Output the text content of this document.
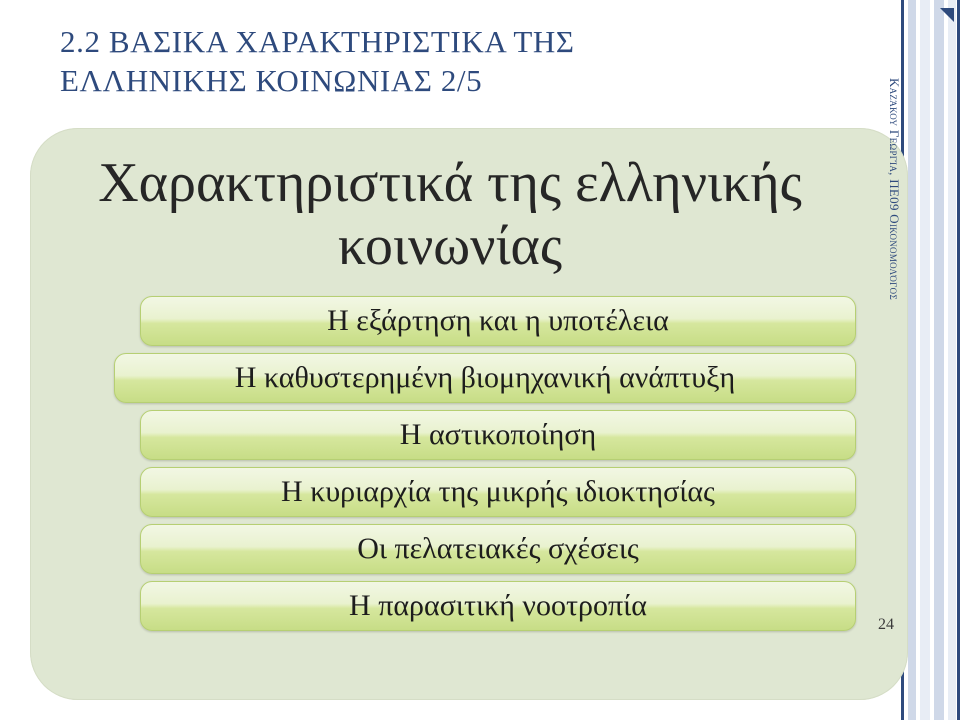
2.2 ΒΑΣΙΚΑ ΧΑΡΑΚΤΗΡΙΣΤΙΚΑ ΤΗΣ ΕΛΛΗΝΙΚΗΣ ΚΟΙΝΩΝΙΑΣ 2/5
Χαρακτηριστικά της ελληνικής κοινωνίας
Η εξάρτηση και η υποτέλεια
Η καθυστερημένη βιομηχανική ανάπτυξη
Η αστικοποίηση
Η κυριαρχία της μικρής ιδιοκτησίας
Οι πελατειακές σχέσεις
Η παρασιτική νοοτροπία
Καζάκου Γεωργία, ΠΕ09 Οικονομολόγος
24
